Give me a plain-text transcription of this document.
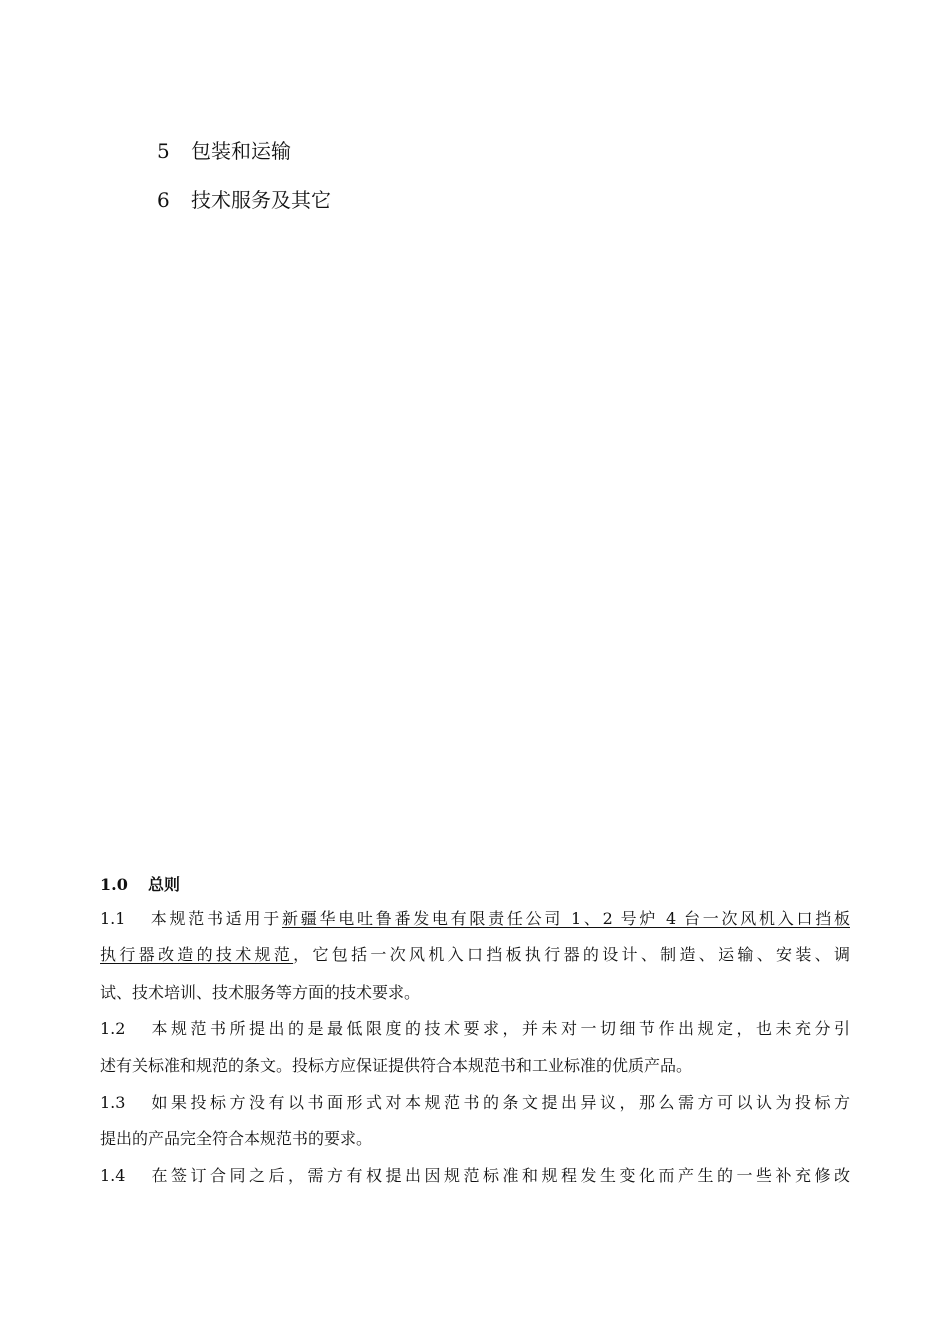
5 包装和运输
6 技术服务及其它
1.0 总则
1.1 本规范书适用于新疆华电吐鲁番发电有限责任公司 1、2 号炉 4 台一次风机入口挡板
执行器改造的技术规范，它包括一次风机入口挡板执行器的设计、制造、运输、安装、调
试、技术培训、技术服务等方面的技术要求。
1.2 本规范书所提出的是最低限度的技术要求，并未对一切细节作出规定，也未充分引
述有关标准和规范的条文。投标方应保证提供符合本规范书和工业标准的优质产品。
1.3 如果投标方没有以书面形式对本规范书的条文提出异议，那么需方可以认为投标方
提出的产品完全符合本规范书的要求。
1.4 在签订合同之后，需方有权提出因规范标准和规程发生变化而产生的一些补充修改
